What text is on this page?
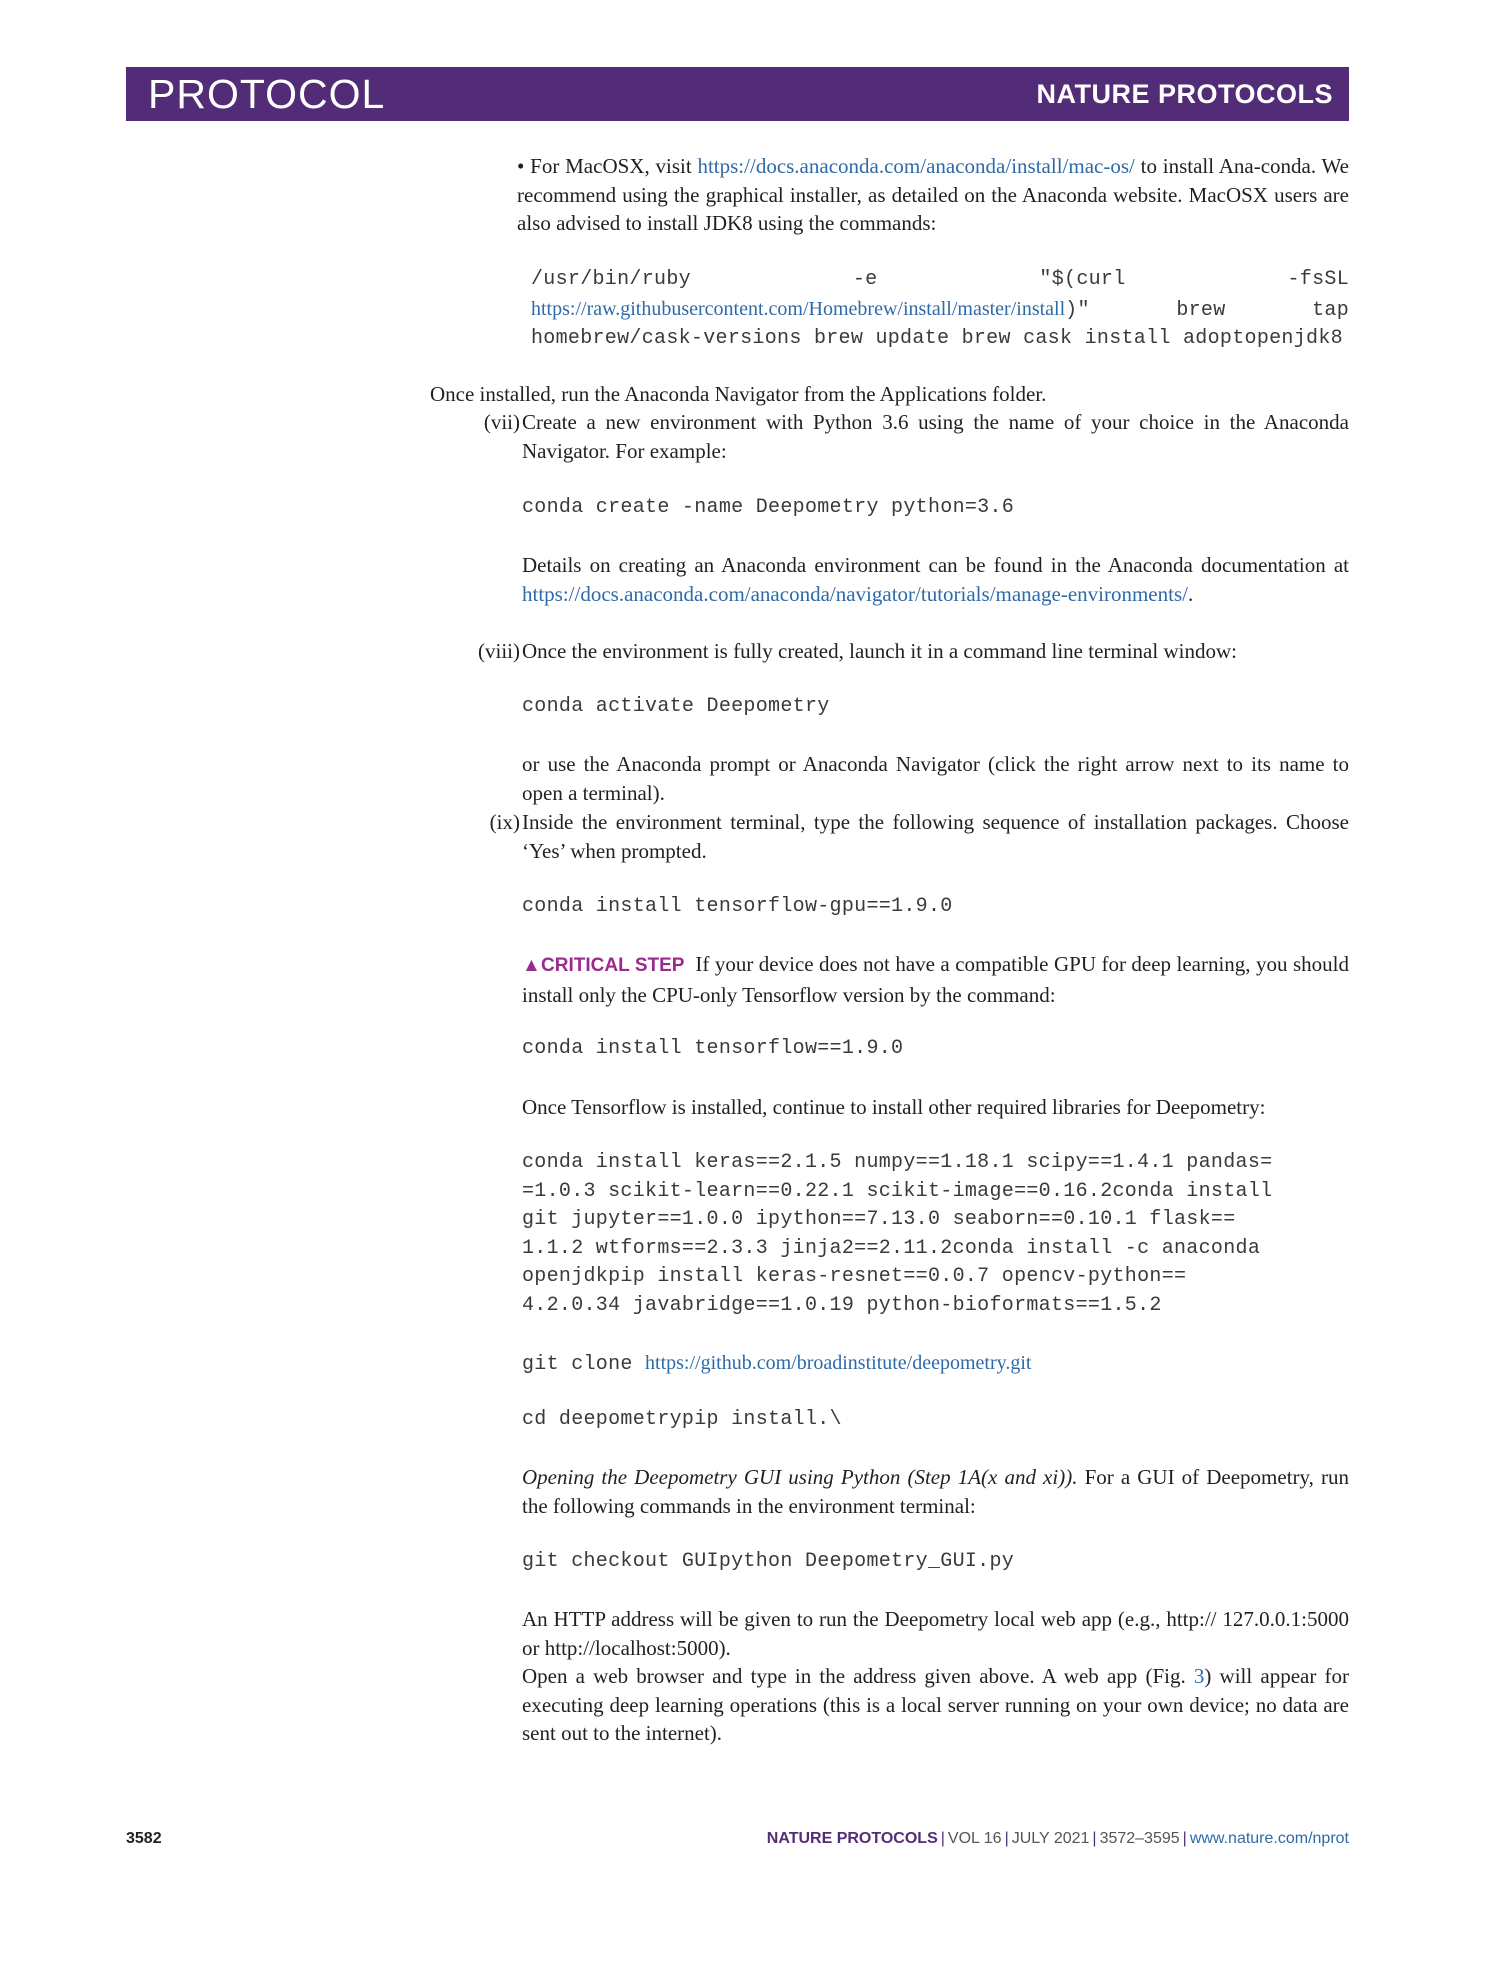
PROTOCOL	NATURE PROTOCOLS
• For MacOSX, visit https://docs.anaconda.com/anaconda/install/mac-os/ to install Ana-conda. We recommend using the graphical installer, as detailed on the Anaconda website. MacOSX users are also advised to install JDK8 using the commands:
/usr/bin/ruby -e "$(curl -fsSL https://raw.githubusercontent.com/Homebrew/install/master/install)" brew tap homebrew/cask-versions brew update brew cask install adoptopenjdk8
Once installed, run the Anaconda Navigator from the Applications folder.
(vii) Create a new environment with Python 3.6 using the name of your choice in the Anaconda Navigator. For example:
conda create -name Deepometry python=3.6
Details on creating an Anaconda environment can be found in the Anaconda documentation at https://docs.anaconda.com/anaconda/navigator/tutorials/manage-environments/.
(viii) Once the environment is fully created, launch it in a command line terminal window:
conda activate Deepometry
or use the Anaconda prompt or Anaconda Navigator (click the right arrow next to its name to open a terminal).
(ix) Inside the environment terminal, type the following sequence of installation packages. Choose ‘Yes’ when prompted.
conda install tensorflow-gpu==1.9.0
▲CRITICAL STEP If your device does not have a compatible GPU for deep learning, you should install only the CPU-only Tensorflow version by the command:
conda install tensorflow==1.9.0
Once Tensorflow is installed, continue to install other required libraries for Deepometry:
conda install keras==2.1.5 numpy==1.18.1 scipy==1.4.1 pandas=
=1.0.3 scikit-learn==0.22.1 scikit-image==0.16.2conda install
git jupyter==1.0.0 ipython==7.13.0 seaborn==0.10.1 flask==
1.1.2 wtforms==2.3.3 jinja2==2.11.2conda install -c anaconda
openjdkpip install keras-resnet==0.0.7 opencv-python==
4.2.0.34 javabridge==1.0.19 python-bioformats==1.5.2
git clone https://github.com/broadinstitute/deepometry.git
cd deepometrypip install.\
Opening the Deepometry GUI using Python (Step 1A(x and xi)). For a GUI of Deepometry, run the following commands in the environment terminal:
git checkout GUIpython Deepometry_GUI.py
An HTTP address will be given to run the Deepometry local web app (e.g., http:// 127.0.0.1:5000 or http://localhost:5000).
Open a web browser and type in the address given above. A web app (Fig. 3) will appear for executing deep learning operations (this is a local server running on your own device; no data are sent out to the internet).
3582	NATURE PROTOCOLS | VOL 16 | JULY 2021 | 3572–3595 | www.nature.com/nprot
